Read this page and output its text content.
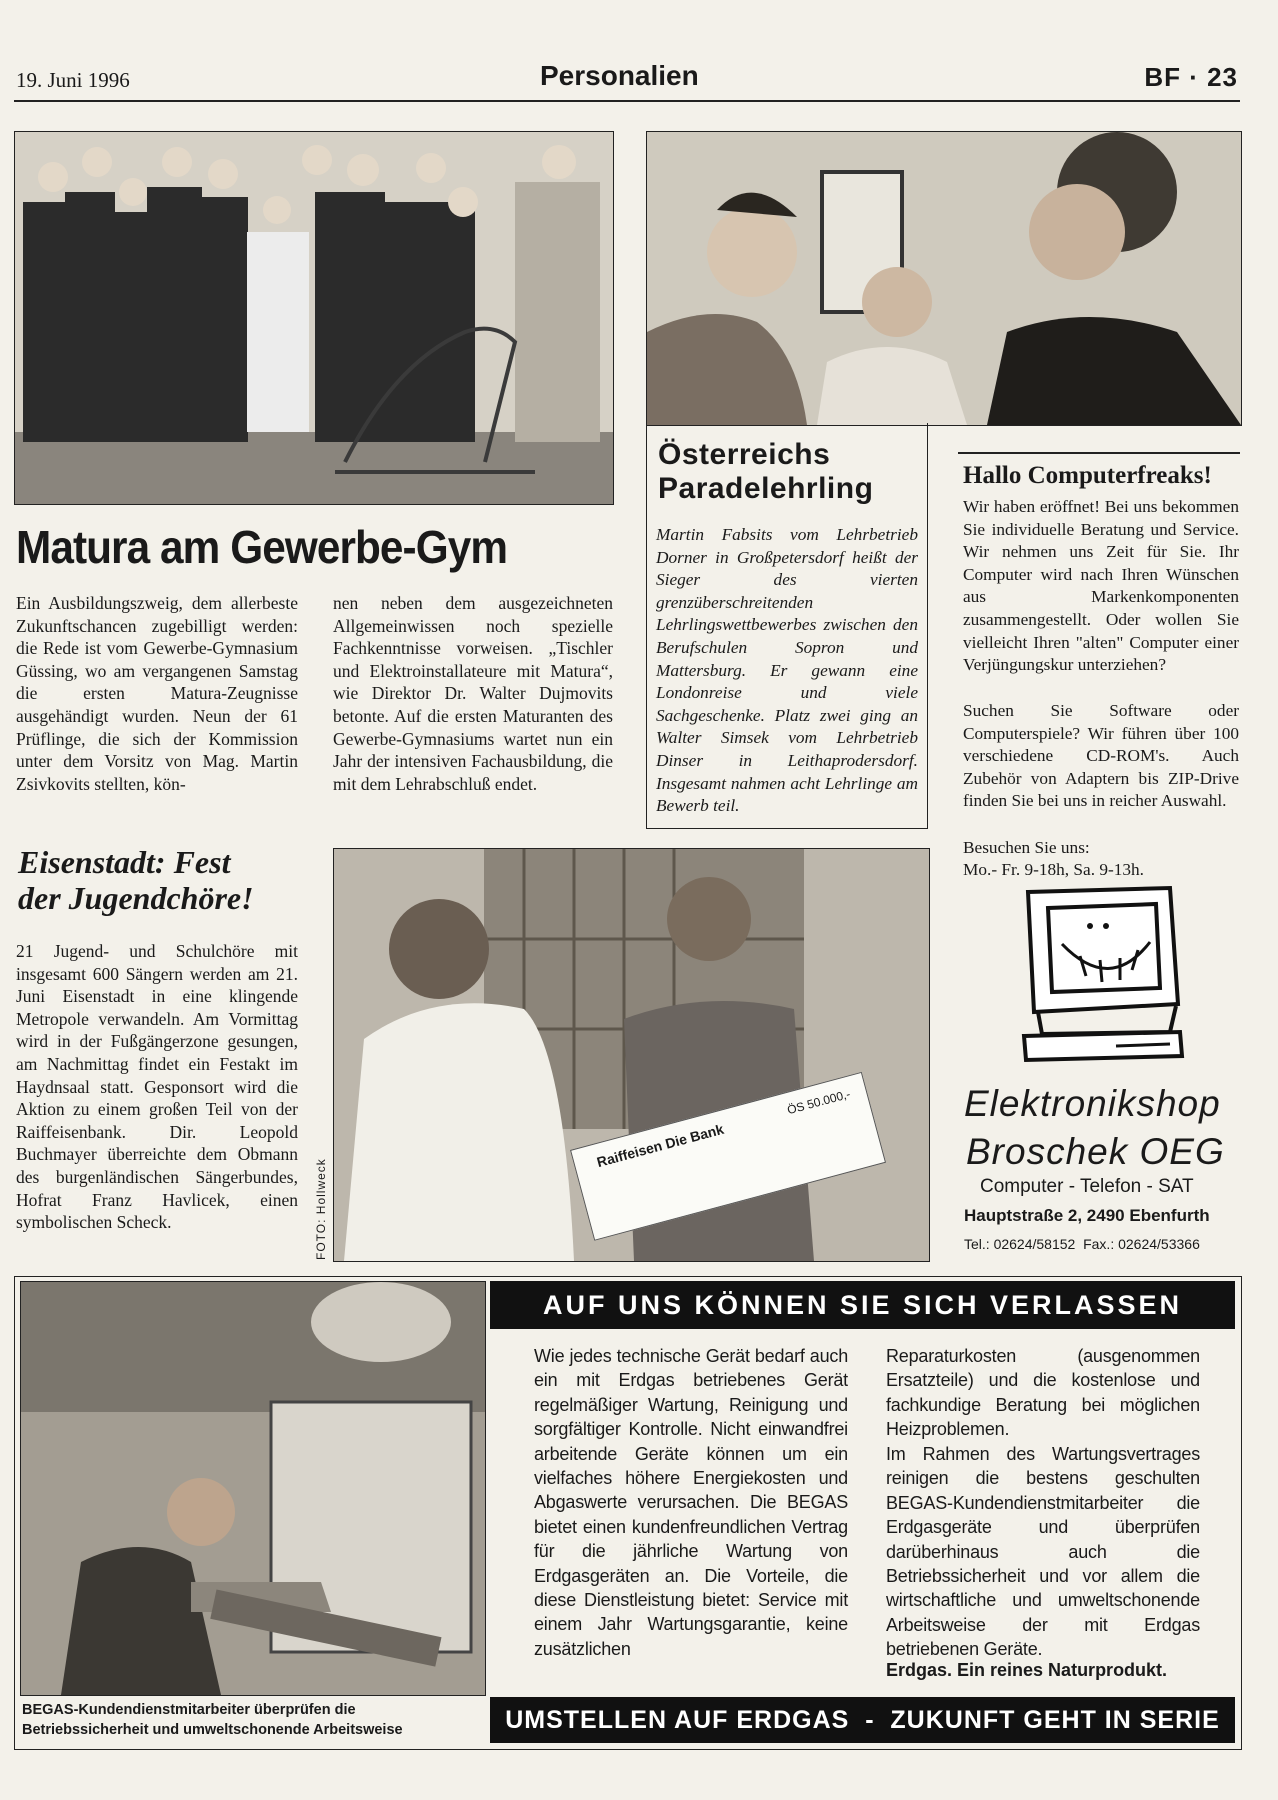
19. Juni 1996	Personalien	BF · 23
Matura am Gewerbe-Gym
Ein Ausbildungszweig, dem allerbeste Zukunftschancen zugebilligt werden: die Rede ist vom Gewerbe-Gymnasium Güssing, wo am vergangenen Samstag die ersten Matura-Zeugnisse ausgehändigt wurden. Neun der 61 Prüflinge, die sich der Kommission unter dem Vorsitz von Mag. Martin Zsivkovits stellten, kön-
nen neben dem ausgezeichneten Allgemeinwissen noch spezielle Fachkenntnisse vorweisen. „Tischler und Elektroinstallateure mit Matura“, wie Direktor Dr. Walter Dujmovits betonte. Auf die ersten Maturanten des Gewerbe-Gymnasiums wartet nun ein Jahr der intensiven Fachausbildung, die mit dem Lehrabschluß endet.
Eisenstadt: Fest
der Jugendchöre!
21 Jugend- und Schulchöre mit insgesamt 600 Sängern werden am 21. Juni Eisenstadt in eine klingende Metropole verwandeln. Am Vormittag wird in der Fußgängerzone gesungen, am Nachmittag findet ein Festakt im Haydnsaal statt. Gesponsort wird die Aktion zu einem großen Teil von der Raiffeisenbank. Dir. Leopold Buchmayer überreichte dem Obmann des burgenländischen Sängerbundes, Hofrat Franz Havlicek, einen symbolischen Scheck.	FOTO: Hollweck
Raiffeisen Die Bank
ÖS 50.000,-
Österreichs
Paradelehrling
Martin Fabsits vom Lehrbetrieb Dorner in Großpetersdorf heißt der Sieger des vierten grenzüberschreitenden Lehrlingswettbewerbes zwischen den Berufschulen Sopron und Mattersburg. Er gewann eine Londonreise und viele Sachgeschenke. Platz zwei ging an Walter Simsek vom Lehrbetrieb Dinser in Leithaprodersdorf. Insgesamt nahmen acht Lehrlinge am Bewerb teil.
Hallo Computerfreaks!
Wir haben eröffnet! Bei uns bekommen Sie individuelle Beratung und Service. Wir nehmen uns Zeit für Sie. Ihr Computer wird nach Ihren Wünschen aus Markenkomponenten zusammengestellt. Oder wollen Sie vielleicht Ihren "alten" Computer einer Verjüngungskur unterziehen?
Suchen Sie Software oder Computerspiele? Wir führen über 100 verschiedene CD-ROM's. Auch Zubehör von Adaptern bis ZIP-Drive finden Sie bei uns in reicher Auswahl.
Besuchen Sie uns:
Mo.- Fr. 9-18h, Sa. 9-13h.
Elektronikshop
Broschek OEG
Computer - Telefon - SAT
Hauptstraße 2, 2490 Ebenfurth
Tel.: 02624/58152  Fax.: 02624/53366
BEGAS-Kundendienstmitarbeiter überprüfen die Betriebssicherheit und umweltschonende Arbeitsweise
AUF UNS KÖNNEN SIE SICH VERLASSEN
Wie jedes technische Gerät bedarf auch ein mit Erdgas betriebenes Gerät regelmäßiger Wartung, Reinigung und sorgfältiger Kontrolle. Nicht einwandfrei arbeitende Geräte können um ein vielfaches höhere Energiekosten und Abgaswerte verursachen. Die BEGAS bietet einen kundenfreundlichen Vertrag für die jährliche Wartung von Erdgasgeräten an. Die Vorteile, die diese Dienstleistung bietet: Service mit einem Jahr Wartungsgarantie, keine zusätzlichen
Reparaturkosten (ausgenommen Ersatzteile) und die kostenlose und fachkundige Beratung bei möglichen Heizproblemen.
Im Rahmen des Wartungsvertrages reinigen die bestens geschulten BEGAS-Kundendienstmitarbeiter die Erdgasgeräte und überprüfen darüberhinaus auch die Betriebssicherheit und vor allem die wirtschaftliche und umweltschonende Arbeitsweise der mit Erdgas betriebenen Geräte.
Erdgas. Ein reines Naturprodukt.
UMSTELLEN AUF ERDGAS  -  ZUKUNFT GEHT IN SERIE
